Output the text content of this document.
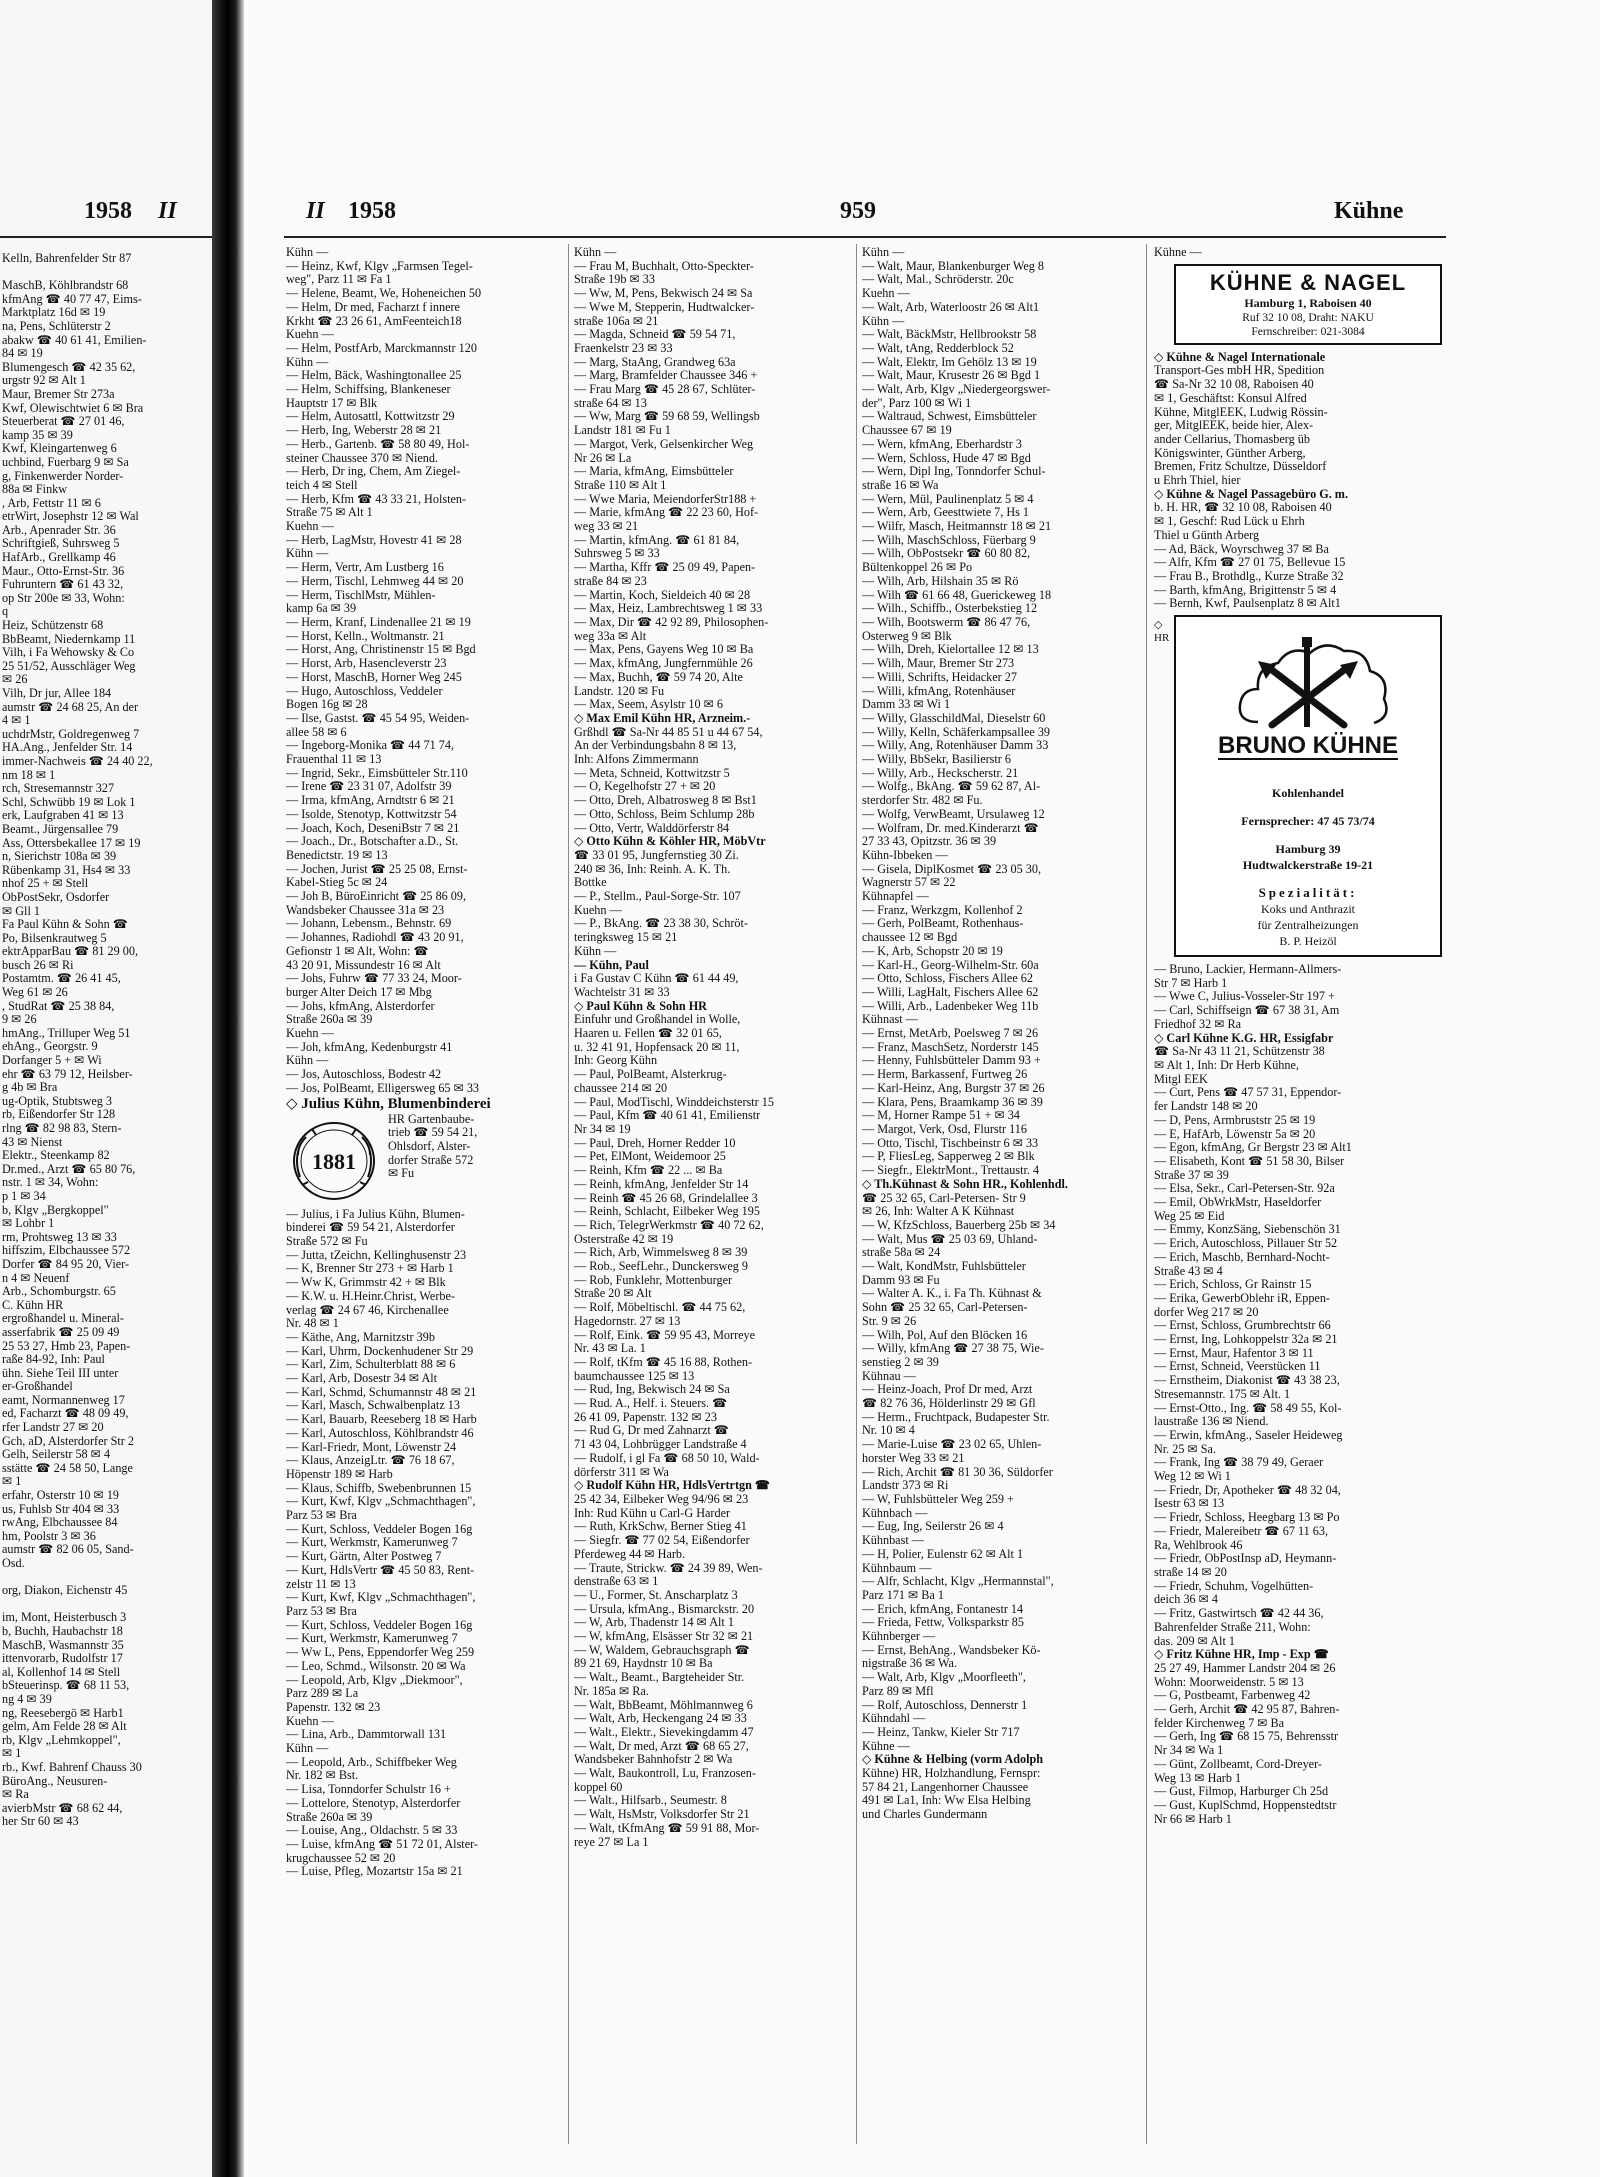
1958 II
Kelln, Bahrenfelder Str 87

MaschB, Köhlbrandstr 68
kfmAng ☎ 40 77 47, Eims-
Marktplatz 16d ✉ 19
na, Pens, Schlüterstr 2
abakw ☎ 40 61 41, Emilien-
84 ✉ 19
Blumengesch ☎ 42 35 62,
urgstr 92 ✉ Alt 1
Maur, Bremer Str 273a
Kwf, Olewischtwiet 6 ✉ Bra
Steuerberat ☎ 27 01 46,
kamp 35 ✉ 39
Kwf, Kleingartenweg 6
uchbind, Fuerbarg 9 ✉ Sa
g, Finkenwerder Norder-
88a ✉ Finkw
, Arb, Fettstr 11 ✉ 6
etrWirt, Josephstr 12 ✉ Wal
Arb., Apenrader Str. 36
Schriftgieß, Suhrsweg 5
HafArb., Grellkamp 46
Maur., Otto-Ernst-Str. 36
Fuhruntern ☎ 61 43 32,
op Str 200e ✉ 33, Wohn:
q
Heiz, Schützenstr 68
BbBeamt, Niedernkamp 11
Vilh, i Fa Wehowsky & Co
25 51/52, Ausschläger Weg
✉ 26
Vilh, Dr jur, Allee 184
aumstr ☎ 24 68 25, An der
4 ✉ 1
uchdrMstr, Goldregenweg 7
HA.Ang., Jenfelder Str. 14
immer-Nachweis ☎ 24 40 22,
nm 18 ✉ 1
rch, Stresemannstr 327
Schl, Schwübb 19 ✉ Lok 1
erk, Laufgraben 41 ✉ 13
Beamt., Jürgensallee 79
Ass, Ottersbekallee 17 ✉ 19
n, Sierichstr 108a ✉ 39
Rübenkamp 31, Hs4 ✉ 33
nhof 25 + ✉ Stell
ObPostSekr, Osdorfer
✉ Gll 1
Fa Paul Kühn & Sohn ☎
Po, Bilsenkrautweg 5
ektrApparBau ☎ 81 29 00,
busch 26 ✉ Ri
Postamtm. ☎ 26 41 45,
Weg 61 ✉ 26
, StudRat ☎ 25 38 84,
9 ✉ 26
hmAng., Trilluper Weg 51
ehAng., Georgstr. 9
Dorfanger 5 + ✉ Wi
ehr ☎ 63 79 12, Heilsber-
g 4b ✉ Bra
ug-Optik, Stubtsweg 3
rb, Eißendorfer Str 128
rlng ☎ 82 98 83, Stern-
43 ✉ Nienst
Elektr., Steenkamp 82
Dr.med., Arzt ☎ 65 80 76,
nstr. 1 ✉ 34, Wohn:
p 1 ✉ 34
b, Klgv „Bergkoppel"
✉ Lohbr 1
rm, Prohtsweg 13 ✉ 33
hiffszim, Elbchaussee 572
Dorfer ☎ 84 95 20, Vier-
n 4 ✉ Neuenf
Arb., Schomburgstr. 65
C. Kühn HR
ergroßhandel u. Mineral-
asserfabrik ☎ 25 09 49
25 53 27, Hmb 23, Papen-
raße 84-92, Inh: Paul
ühn. Siehe Teil III unter
er-Großhandel
eamt, Normannenweg 17
ed, Facharzt ☎ 48 09 49,
rfer Landstr 27 ✉ 20
Gch, aD, Alsterdorfer Str 2
Gelh, Seilerstr 58 ✉ 4
sstätte ☎ 24 58 50, Lange
✉ 1
erfahr, Osterstr 10 ✉ 19
us, Fuhlsb Str 404 ✉ 33
rwAng, Elbchaussee 84
hm, Poolstr 3 ✉ 36
aumstr ☎ 82 06 05, Sand-
Osd.

org, Diakon, Eichenstr 45

im, Mont, Heisterbusch 3
b, Buchh, Haubachstr 18
MaschB, Wasmannstr 35
ittenvorarb, Rudolfstr 17
al, Kollenhof 14 ✉ Stell
bSteuerinsp. ☎ 68 11 53,
ng 4 ✉ 39
ng, Reesebergö ✉ Harb1
gelm, Am Felde 28 ✉ Alt
rb, Klgv „Lehmkoppel",
✉ 1
rb., Kwf. Bahrenf Chauss 30
BüroAng., Neusuren-
✉ Ra
avierbMstr ☎ 68 62 44,
her Str 60 ✉ 43
II 1958	959	Kühne
Kühn —
— Heinz, Kwf, Klgv „Farmsen Tegel-
weg", Parz 11 ✉ Fa 1
— Helene, Beamt, We, Hoheneichen 50
— Helm, Dr med, Facharzt f innere
Krkht ☎ 23 26 61, AmFeenteich18
Kuehn —
— Helm, PostfArb, Marckmannstr 120
Kühn —
— Helm, Bäck, Washingtonallee 25
— Helm, Schiffsing, Blankeneser
Hauptstr 17 ✉ Blk
— Helm, Autosattl, Kottwitzstr 29
— Herb, Ing, Weberstr 28 ✉ 21
— Herb., Gartenb. ☎ 58 80 49, Hol-
steiner Chaussee 370 ✉ Niend.
— Herb, Dr ing, Chem, Am Ziegel-
teich 4 ✉ Stell
— Herb, Kfm ☎ 43 33 21, Holsten-
Straße 75 ✉ Alt 1
Kuehn —
— Herb, LagMstr, Hovestr 41 ✉ 28
Kühn —
— Herm, Vertr, Am Lustberg 16
— Herm, Tischl, Lehmweg 44 ✉ 20
— Herm, TischlMstr, Mühlen-
kamp 6a ✉ 39
— Herm, Kranf, Lindenallee 21 ✉ 19
— Horst, Kelln., Woltmanstr. 21
— Horst, Ang, Christinenstr 15 ✉ Bgd
— Horst, Arb, Hasencleverstr 23
— Horst, MaschB, Horner Weg 245
— Hugo, Autoschloss, Veddeler
Bogen 16g ✉ 28
— Ilse, Gastst. ☎ 45 54 95, Weiden-
allee 58 ✉ 6
— Ingeborg-Monika ☎ 44 71 74,
Frauenthal 11 ✉ 13
— Ingrid, Sekr., Eimsbütteler Str.110
— Irene ☎ 23 31 07, Adolfstr 39
— Irma, kfmAng, Arndtstr 6 ✉ 21
— Isolde, Stenotyp, Kottwitzstr 54
— Joach, Koch, DeseniBstr 7 ✉ 21
— Joach., Dr., Botschafter a.D., St.
Benedictstr. 19 ✉ 13
— Jochen, Jurist ☎ 25 25 08, Ernst-
Kabel-Stieg 5c ✉ 24
— Joh B, BüroEinricht ☎ 25 86 09,
Wandsbeker Chaussee 31a ✉ 23
— Johann, Lebensm., Behnstr. 69
— Johannes, Radiohdl ☎ 43 20 91,
Gefionstr 1 ✉ Alt, Wohn: ☎
43 20 91, Missundestr 16 ✉ Alt
— Johs, Fuhrw ☎ 77 33 24, Moor-
burger Alter Deich 17 ✉ Mbg
— Johs, kfmAng, Alsterdorfer
Straße 260a ✉ 39
Kuehn —
— Joh, kfmAng, Kedenburgstr 41
Kühn —
— Jos, Autoschloss, Bodestr 42
— Jos, PolBeamt, Elligersweg 65 ✉ 33
◇ Julius Kühn, Blumenbinderei
1881
HR Gartenbaube-
trieb ☎ 59 54 21,
Ohlsdorf, Alster-
dorfer Straße 572
✉ Fu
— Julius, i Fa Julius Kühn, Blumen-
binderei ☎ 59 54 21, Alsterdorfer
Straße 572 ✉ Fu
— Jutta, tZeichn, Kellinghusenstr 23
— K, Brenner Str 273 + ✉ Harb 1
— Ww K, Grimmstr 42 + ✉ Blk
— K.W. u. H.Heinr.Christ, Werbe-
verlag ☎ 24 67 46, Kirchenallee
Nr. 48 ✉ 1
— Käthe, Ang, Marnitzstr 39b
— Karl, Uhrm, Dockenhudener Str 29
— Karl, Zim, Schulterblatt 88 ✉ 6
— Karl, Arb, Dosestr 34 ✉ Alt
— Karl, Schmd, Schumannstr 48 ✉ 21
— Karl, Masch, Schwalbenplatz 13
— Karl, Bauarb, Reeseberg 18 ✉ Harb
— Karl, Autoschloss, Köhlbrandstr 46
— Karl-Friedr, Mont, Löwenstr 24
— Klaus, AnzeigLtr. ☎ 76 18 67,
Höpenstr 189 ✉ Harb
— Klaus, Schiffb, Swebenbrunnen 15
— Kurt, Kwf, Klgv „Schmachthagen",
Parz 53 ✉ Bra
— Kurt, Schloss, Veddeler Bogen 16g
— Kurt, Werkmstr, Kamerunweg 7
— Kurt, Gärtn, Alter Postweg 7
— Kurt, HdlsVertr ☎ 45 50 83, Rent-
zelstr 11 ✉ 13
— Kurt, Kwf, Klgv „Schmachthagen",
Parz 53 ✉ Bra
— Kurt, Schloss, Veddeler Bogen 16g
— Kurt, Werkmstr, Kamerunweg 7
— Ww L, Pens, Eppendorfer Weg 259
— Leo, Schmd., Wilsonstr. 20 ✉ Wa
— Leopold, Arb, Klgv „Diekmoor",
Parz 289 ✉ La
Papenstr. 132 ✉ 23
Kuehn —
— Lina, Arb., Dammtorwall 131
Kühn —
— Leopold, Arb., Schiffbeker Weg
Nr. 182 ✉ Bst.
— Lisa, Tonndorfer Schulstr 16 +
— Lottelore, Stenotyp, Alsterdorfer
Straße 260a ✉ 39
— Louise, Ang., Oldachstr. 5 ✉ 33
— Luise, kfmAng ☎ 51 72 01, Alster-
krugchaussee 52 ✉ 20
— Luise, Pfleg, Mozartstr 15a ✉ 21
Kühn —
— Frau M, Buchhalt, Otto-Speckter-
Straße 19b ✉ 33
— Ww, M, Pens, Bekwisch 24 ✉ Sa
— Wwe M, Stepperin, Hudtwalcker-
straße 106a ✉ 21
— Magda, Schneid ☎ 59 54 71,
Fraenkelstr 23 ✉ 33
— Marg, StaAng, Grandweg 63a
— Marg, Bramfelder Chaussee 346 +
— Frau Marg ☎ 45 28 67, Schlüter-
straße 64 ✉ 13
— Ww, Marg ☎ 59 68 59, Wellingsb
Landstr 181 ✉ Fu 1
— Margot, Verk, Gelsenkircher Weg
Nr 26 ✉ La
— Maria, kfmAng, Eimsbütteler
Straße 110 ✉ Alt 1
— Wwe Maria, MeiendorferStr188 +
— Marie, kfmAng ☎ 22 23 60, Hof-
weg 33 ✉ 21
— Martin, kfmAng. ☎ 61 81 84,
Suhrsweg 5 ✉ 33
— Martha, Kffr ☎ 25 09 49, Papen-
straße 84 ✉ 23
— Martin, Koch, Sieldeich 40 ✉ 28
— Max, Heiz, Lambrechtsweg 1 ✉ 33
— Max, Dir ☎ 42 92 89, Philosophen-
weg 33a ✉ Alt
— Max, Pens, Gayens Weg 10 ✉ Ba
— Max, kfmAng, Jungfernmühle 26
— Max, Buchh, ☎ 59 74 20, Alte
Landstr. 120 ✉ Fu
— Max, Seem, Asylstr 10 ✉ 6
◇ Max Emil Kühn HR, Arzneim.-
Grßhdl ☎ Sa-Nr 44 85 51 u 44 67 54,
An der Verbindungsbahn 8 ✉ 13,
Inh: Alfons Zimmermann
— Meta, Schneid, Kottwitzstr 5
— O, Kegelhofstr 27 + ✉ 20
— Otto, Dreh, Albatrosweg 8 ✉ Bst1
— Otto, Schloss, Beim Schlump 28b
— Otto, Vertr, Walddörferstr 84
◇ Otto Kühn & Köhler HR, MöbVtr
☎ 33 01 95, Jungfernstieg 30 Zi.
240 ✉ 36, Inh: Reinh. A. K. Th.
Bottke
— P., Stellm., Paul-Sorge-Str. 107
Kuehn —
— P., BkAng. ☎ 23 38 30, Schröt-
teringksweg 15 ✉ 21
Kühn —
— Kühn, Paul
i Fa Gustav C Kühn ☎ 61 44 49,
Wachtelstr 31 ✉ 33
◇ Paul Kühn & Sohn HR
Einfuhr und Großhandel in Wolle,
Haaren u. Fellen ☎ 32 01 65,
u. 32 41 91, Hopfensack 20 ✉ 11,
Inh: Georg Kühn
— Paul, PolBeamt, Alsterkrug-
chaussee 214 ✉ 20
— Paul, ModTischl, Winddeichsterstr 15
— Paul, Kfm ☎ 40 61 41, Emilienstr
Nr 34 ✉ 19
— Paul, Dreh, Horner Redder 10
— Pet, ElMont, Weidemoor 25
— Reinh, Kfm ☎ 22 ... ✉ Ba
— Reinh, kfmAng, Jenfelder Str 14
— Reinh ☎ 45 26 68, Grindelallee 3
— Reinh, Schlacht, Eilbeker Weg 195
— Rich, TelegrWerkmstr ☎ 40 72 62,
Osterstraße 42 ✉ 19
— Rich, Arb, Wimmelsweg 8 ✉ 39
— Rob., SeefLehr., Dunckersweg 9
— Rob, Funklehr, Mottenburger
Straße 20 ✉ Alt
— Rolf, Möbeltischl. ☎ 44 75 62,
Hagedornstr. 27 ✉ 13
— Rolf, Eink. ☎ 59 95 43, Morreye
Nr. 43 ✉ La. 1
— Rolf, tKfm ☎ 45 16 88, Rothen-
baumchaussee 125 ✉ 13
— Rud, Ing, Bekwisch 24 ✉ Sa
— Rud. A., Helf. i. Steuers. ☎
26 41 09, Papenstr. 132 ✉ 23
— Rud G, Dr med Zahnarzt ☎
71 43 04, Lohbrügger Landstraße 4
— Rudolf, i gl Fa ☎ 68 50 10, Wald-
dörferstr 311 ✉ Wa
◇ Rudolf Kühn HR, HdlsVertrtgn ☎
25 42 34, Eilbeker Weg 94/96 ✉ 23
Inh: Rud Kühn u Carl-G Harder
— Ruth, KrkSchw, Berner Stieg 41
— Siegfr. ☎ 77 02 54, Eißendorfer
Pferdeweg 44 ✉ Harb.
— Traute, Strickw. ☎ 24 39 89, Wen-
denstraße 63 ✉ 1
— U., Former, St. Anscharplatz 3
— Ursula, kfmAng., Bismarckstr. 20
— W, Arb, Thadenstr 14 ✉ Alt 1
— W, kfmAng, Elsässer Str 32 ✉ 21
— W, Waldem, Gebrauchsgraph ☎
89 21 69, Haydnstr 10 ✉ Ba
— Walt., Beamt., Bargteheider Str.
Nr. 185a ✉ Ra.
— Walt, BbBeamt, Möhlmannweg 6
— Walt, Arb, Heckengang 24 ✉ 33
— Walt., Elektr., Sievekingdamm 47
— Walt, Dr med, Arzt ☎ 68 65 27,
Wandsbeker Bahnhofstr 2 ✉ Wa
— Walt, Baukontroll, Lu, Franzosen-
koppel 60
— Walt., Hilfsarb., Seumestr. 8
— Walt, HsMstr, Volksdorfer Str 21
— Walt, tKfmAng ☎ 59 91 88, Mor-
reye 27 ✉ La 1
Kühn —
— Walt, Maur, Blankenburger Weg 8
— Walt, Mal., Schröderstr. 20c
Kuehn —
— Walt, Arb, Waterloostr 26 ✉ Alt1
Kühn —
— Walt, BäckMstr, Hellbrookstr 58
— Walt, tAng, Redderblock 52
— Walt, Elektr, Im Gehölz 13 ✉ 19
— Walt, Maur, Krusestr 26 ✉ Bgd 1
— Walt, Arb, Klgv „Niedergeorgswer-
der", Parz 100 ✉ Wi 1
— Waltraud, Schwest, Eimsbütteler
Chaussee 67 ✉ 19
— Wern, kfmAng, Eberhardstr 3
— Wern, Schloss, Hude 47 ✉ Bgd
— Wern, Dipl Ing, Tonndorfer Schul-
straße 16 ✉ Wa
— Wern, Mül, Paulinenplatz 5 ✉ 4
— Wern, Arb, Geesttwiete 7, Hs 1
— Wilfr, Masch, Heitmannstr 18 ✉ 21
— Wilh, MaschSchloss, Füerbarg 9
— Wilh, ObPostsekr ☎ 60 80 82,
Bültenkoppel 26 ✉ Po
— Wilh, Arb, Hilshain 35 ✉ Rö
— Wilh ☎ 61 66 48, Guerickeweg 18
— Wilh., Schiffb., Osterbekstieg 12
— Wilh, Bootswerm ☎ 86 47 76,
Osterweg 9 ✉ Blk
— Wilh, Dreh, Kielortallee 12 ✉ 13
— Wilh, Maur, Bremer Str 273
— Willi, Schrifts, Heidacker 27
— Willi, kfmAng, Rotenhäuser
Damm 33 ✉ Wi 1
— Willy, GlasschildMal, Dieselstr 60
— Willy, Kelln, Schäferkampsallee 39
— Willy, Ang, Rotenhäuser Damm 33
— Willy, BbSekr, Basilierstr 6
— Willy, Arb., Heckscherstr. 21
— Wolfg., BkAng. ☎ 59 62 87, Al-
sterdorfer Str. 482 ✉ Fu.
— Wolfg, VerwBeamt, Ursulaweg 12
— Wolfram, Dr. med.Kinderarzt ☎
27 33 43, Opitzstr. 36 ✉ 39
Kühn-Ibbeken —
— Gisela, DiplKosmet ☎ 23 05 30,
Wagnerstr 57 ✉ 22
Kühnapfel —
— Franz, Werkzgm, Kollenhof 2
— Gerh, PolBeamt, Rothenhaus-
chaussee 12 ✉ Bgd
— K, Arb, Schopstr 20 ✉ 19
— Karl-H., Georg-Wilhelm-Str. 60a
— Otto, Schloss, Fischers Allee 62
— Willi, LagHalt, Fischers Allee 62
— Willi, Arb., Ladenbeker Weg 11b
Kühnast —
— Ernst, MetArb, Poelsweg 7 ✉ 26
— Franz, MaschSetz, Norderstr 145
— Henny, Fuhlsbütteler Damm 93 +
— Herm, Barkassenf, Furtweg 26
— Karl-Heinz, Ang, Burgstr 37 ✉ 26
— Klara, Pens, Braamkamp 36 ✉ 39
— M, Horner Rampe 51 + ✉ 34
— Margot, Verk, Osd, Flurstr 116
— Otto, Tischl, Tischbeinstr 6 ✉ 33
— P, FliesLeg, Sapperweg 2 ✉ Blk
— Siegfr., ElektrMont., Trettaustr. 4
◇ Th.Kühnast & Sohn HR., Kohlenhdl.
☎ 25 32 65, Carl-Petersen- Str 9
✉ 26, Inh: Walter A K Kühnast
— W, KfzSchloss, Bauerberg 25b ✉ 34
— Walt, Mus ☎ 25 03 69, Uhland-
straße 58a ✉ 24
— Walt, KondMstr, Fuhlsbütteler
Damm 93 ✉ Fu
— Walter A. K., i. Fa Th. Kühnast &
Sohn ☎ 25 32 65, Carl-Petersen-
Str. 9 ✉ 26
— Wilh, Pol, Auf den Blöcken 16
— Willy, kfmAng ☎ 27 38 75, Wie-
senstieg 2 ✉ 39
Kühnau —
— Heinz-Joach, Prof Dr med, Arzt
☎ 82 76 36, Hölderlinstr 29 ✉ Gfl
— Herm., Fruchtpack, Budapester Str.
Nr. 10 ✉ 4
— Marie-Luise ☎ 23 02 65, Uhlen-
horster Weg 33 ✉ 21
— Rich, Archit ☎ 81 30 36, Süldorfer
Landstr 373 ✉ Ri
— W, Fuhlsbütteler Weg 259 +
Kühnbach —
— Eug, Ing, Seilerstr 26 ✉ 4
Kühnbast —
— H, Polier, Eulenstr 62 ✉ Alt 1
Kühnbaum —
— Alfr, Schlacht, Klgv „Hermannstal",
Parz 171 ✉ Ba 1
— Erich, kfmAng, Fontanestr 14
— Frieda, Fettw, Volksparkstr 85
Kühnberger —
— Ernst, BehAng., Wandsbeker Kö-
nigstraße 36 ✉ Wa.
— Walt, Arb, Klgv „Moorfleeth",
Parz 89 ✉ Mfl
— Rolf, Autoschloss, Dennerstr 1
Kühndahl —
— Heinz, Tankw, Kieler Str 717
Kühne —
◇ Kühne & Helbing (vorm Adolph
Kühne) HR, Holzhandlung, Fernspr:
57 84 21, Langenhorner Chaussee
491 ✉ La1, Inh: Ww Elsa Helbing
und Charles Gundermann
Kühne —
KÜHNE & NAGEL
Hamburg 1, Raboisen 40
Ruf 32 10 08, Draht: NAKU
Fernschreiber: 021-3084
◇ Kühne & Nagel Internationale
Transport-Ges mbH HR, Spedition
☎ Sa-Nr 32 10 08, Raboisen 40
✉ 1, Geschäftst: Konsul Alfred
Kühne, MitglEEK, Ludwig Rössin-
ger, MitglEEK, beide hier, Alex-
ander Cellarius, Thomasberg üb
Königswinter, Günther Arberg,
Bremen, Fritz Schultze, Düsseldorf
u Ehrh Thiel, hier
◇ Kühne & Nagel Passagebüro G. m.
b. H. HR, ☎ 32 10 08, Raboisen 40
✉ 1, Geschf: Rud Lück u Ehrh
Thiel u Günth Arberg
— Ad, Bäck, Woyrschweg 37 ✉ Ba
— Alfr, Kfm ☎ 27 01 75, Bellevue 15
— Frau B., Brothdlg., Kurze Straße 32
— Barth, kfmAng, Brigittenstr 5 ✉ 4
— Bernh, Kwf, Paulsenplatz 8 ✉ Alt1
◇ HR
BRUNO KÜHNE
Kohlenhandel
Fernsprecher: 47 45 73/74
Hamburg 39
Hudtwalckerstraße 19-21
Spezialität:
Koks und Anthrazit
für Zentralheizungen
B. P. Heizöl
— Bruno, Lackier, Hermann-Allmers-
Str 7 ✉ Harb 1
— Wwe C, Julius-Vosseler-Str 197 +
— Carl, Schiffseign ☎ 67 38 31, Am
Friedhof 32 ✉ Ra
◇ Carl Kühne K.G. HR, Essigfabr
☎ Sa-Nr 43 11 21, Schützenstr 38
✉ Alt 1, Inh: Dr Herb Kühne,
Mitgl EEK
— Curt, Pens ☎ 47 57 31, Eppendor-
fer Landstr 148 ✉ 20
— D, Pens, Armbruststr 25 ✉ 19
— E, HafArb, Löwenstr 5a ✉ 20
— Egon, kfmAng, Gr Bergstr 23 ✉ Alt1
— Elisabeth, Kont ☎ 51 58 30, Bilser
Straße 37 ✉ 39
— Elsa, Sekr., Carl-Petersen-Str. 92a
— Emil, ObWrkMstr, Haseldorfer
Weg 25 ✉ Eid
— Emmy, KonzSäng, Siebenschön 31
— Erich, Autoschloss, Pillauer Str 52
— Erich, Maschb, Bernhard-Nocht-
Straße 43 ✉ 4
— Erich, Schloss, Gr Rainstr 15
— Erika, GewerbOblehr iR, Eppen-
dorfer Weg 217 ✉ 20
— Ernst, Schloss, Grumbrechtstr 66
— Ernst, Ing, Lohkoppelstr 32a ✉ 21
— Ernst, Maur, Hafentor 3 ✉ 11
— Ernst, Schneid, Veerstücken 11
— Ernstheim, Diakonist ☎ 43 38 23,
Stresemannstr. 175 ✉ Alt. 1
— Ernst-Otto., Ing. ☎ 58 49 55, Kol-
laustraße 136 ✉ Niend.
— Erwin, kfmAng., Saseler Heideweg
Nr. 25 ✉ Sa.
— Frank, Ing ☎ 38 79 49, Geraer
Weg 12 ✉ Wi 1
— Friedr, Dr, Apotheker ☎ 48 32 04,
Isestr 63 ✉ 13
— Friedr, Schloss, Heegbarg 13 ✉ Po
— Friedr, Malereibetr ☎ 67 11 63,
Ra, Wehlbrook 46
— Friedr, ObPostInsp aD, Heymann-
straße 14 ✉ 20
— Friedr, Schuhm, Vogelhütten-
deich 36 ✉ 4
— Fritz, Gastwirtsch ☎ 42 44 36,
Bahrenfelder Straße 211, Wohn:
das. 209 ✉ Alt 1
◇ Fritz Kühne HR, Imp - Exp ☎
25 27 49, Hammer Landstr 204 ✉ 26
Wohn: Moorweidenstr. 5 ✉ 13
— G, Postbeamt, Farbenweg 42
— Gerh, Archit ☎ 42 95 87, Bahren-
felder Kirchenweg 7 ✉ Ba
— Gerh, Ing ☎ 68 15 75, Behrensstr
Nr 34 ✉ Wa 1
— Günt, Zollbeamt, Cord-Dreyer-
Weg 13 ✉ Harb 1
— Gust, Filmop, Harburger Ch 25d
— Gust, KuplSchmd, Hoppenstedtstr
Nr 66 ✉ Harb 1
